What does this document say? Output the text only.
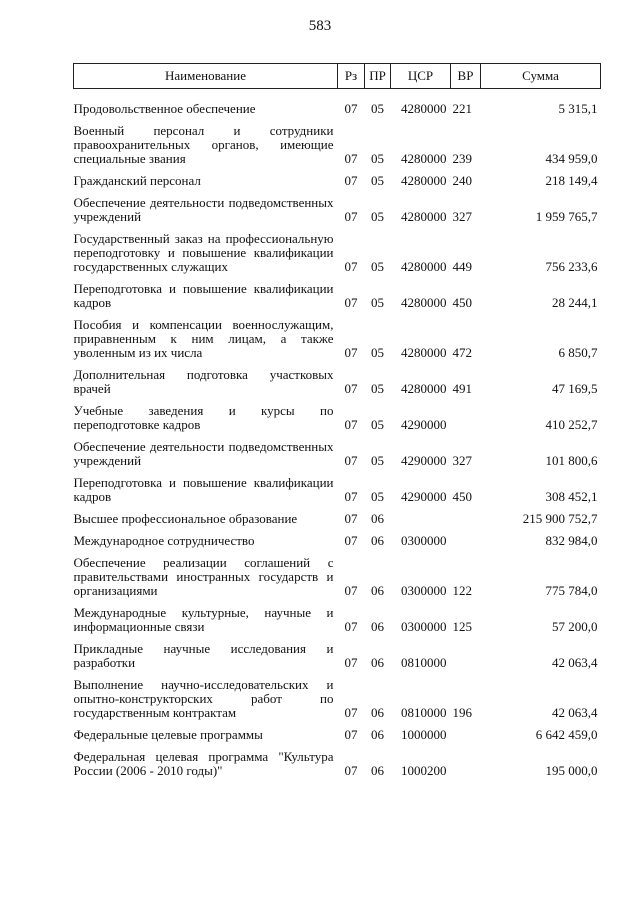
583
Наименование	Рз	ПР	ЦСР	ВР	Сумма
Продовольственное обеспечение	07	05	4280000	221	5 315,1
Военный персонал и сотрудники правоохранительных органов, имеющие специальные звания	07	05	4280000	239	434 959,0
Гражданский персонал	07	05	4280000	240	218 149,4
Обеспечение деятельности подведомственных учреждений	07	05	4280000	327	1 959 765,7
Государственный заказ на профессиональную переподготовку и повышение квалификации государственных служащих	07	05	4280000	449	756 233,6
Переподготовка и повышение квалификации кадров	07	05	4280000	450	28 244,1
Пособия и компенсации военнослужащим, приравненным к ним лицам, а также уволенным из их числа	07	05	4280000	472	6 850,7
Дополнительная подготовка участковых врачей	07	05	4280000	491	47 169,5
Учебные заведения и курсы по переподготовке кадров	07	05	4290000		410 252,7
Обеспечение деятельности подведомственных учреждений	07	05	4290000	327	101 800,6
Переподготовка и повышение квалификации кадров	07	05	4290000	450	308 452,1
Высшее профессиональное образование	07	06			215 900 752,7
Международное сотрудничество	07	06	0300000		832 984,0
Обеспечение реализации соглашений с правительствами иностранных государств и организациями	07	06	0300000	122	775 784,0
Международные культурные, научные и информационные связи	07	06	0300000	125	57 200,0
Прикладные научные исследования и разработки	07	06	0810000		42 063,4
Выполнение научно-исследовательских и опытно-конструкторских работ по государственным контрактам	07	06	0810000	196	42 063,4
Федеральные целевые программы	07	06	1000000		6 642 459,0
Федеральная целевая программа "Культура России (2006 - 2010 годы)"	07	06	1000200		195 000,0
